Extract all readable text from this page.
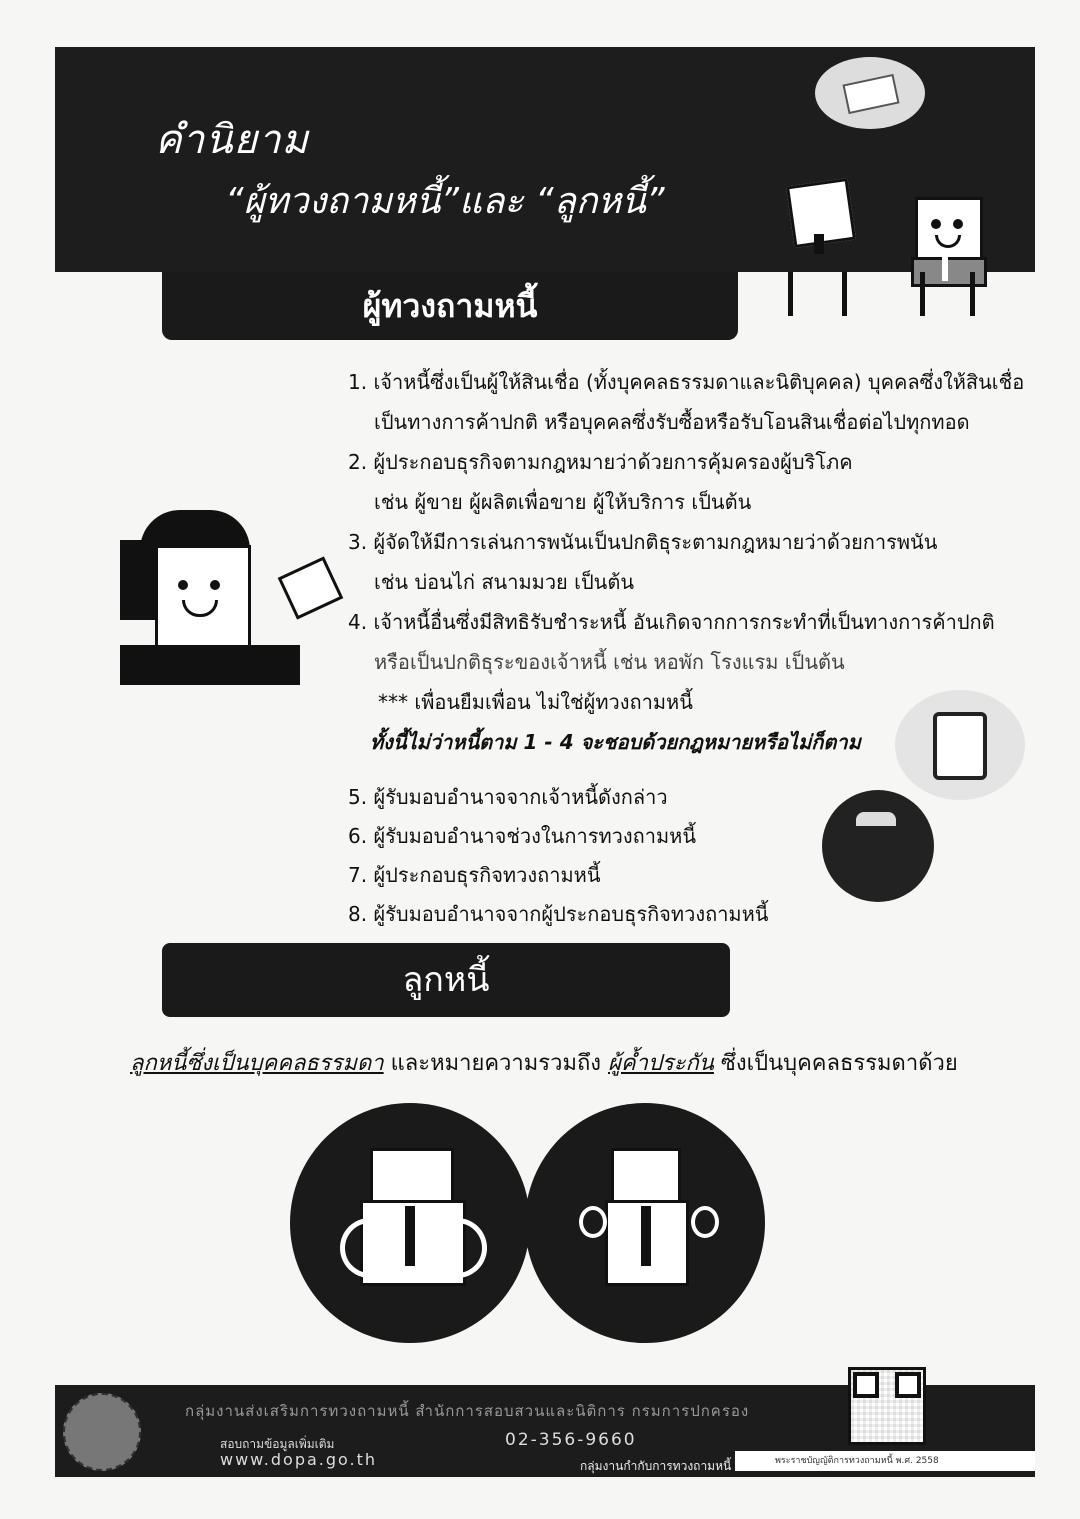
คำนิยาม
“ผู้ทวงถามหนี้”และ “ลูกหนี้”
ผู้ทวงถามหนี้
1. เจ้าหนี้ซึ่งเป็นผู้ให้สินเชื่อ (ทั้งบุคคลธรรมดาและนิติบุคคล) บุคคลซึ่งให้สินเชื่อ
เป็นทางการค้าปกติ หรือบุคคลซึ่งรับซื้อหรือรับโอนสินเชื่อต่อไปทุกทอด
2. ผู้ประกอบธุรกิจตามกฎหมายว่าด้วยการคุ้มครองผู้บริโภค
เช่น ผู้ขาย ผู้ผลิตเพื่อขาย ผู้ให้บริการ เป็นต้น
3. ผู้จัดให้มีการเล่นการพนันเป็นปกติธุระตามกฎหมายว่าด้วยการพนัน
เช่น บ่อนไก่ สนามมวย เป็นต้น
4. เจ้าหนี้อื่นซึ่งมีสิทธิรับชำระหนี้ อันเกิดจากการกระทำที่เป็นทางการค้าปกติ
หรือเป็นปกติธุระของเจ้าหนี้ เช่น หอพัก โรงแรม เป็นต้น
*** เพื่อนยืมเพื่อน ไม่ใช่ผู้ทวงถามหนี้
ทั้งนี้ไม่ว่าหนี้ตาม 1 - 4 จะชอบด้วยกฎหมายหรือไม่ก็ตาม
5. ผู้รับมอบอำนาจจากเจ้าหนี้ดังกล่าว
6. ผู้รับมอบอำนาจช่วงในการทวงถามหนี้
7. ผู้ประกอบธุรกิจทวงถามหนี้
8. ผู้รับมอบอำนาจจากผู้ประกอบธุรกิจทวงถามหนี้
ลูกหนี้
ลูกหนี้ซึ่งเป็นบุคคลธรรมดา และหมายความรวมถึง ผู้ค้ำประกัน ซึ่งเป็นบุคคลธรรมดาด้วย
กลุ่มงานส่งเสริมการทวงถามหนี้ สำนักการสอบสวนและนิติการ กรมการปกครอง
สอบถามข้อมูลเพิ่มเติม	02-356-9660
www.dopa.go.th	กลุ่มงานกำกับการทวงถามหนี้	พระราชบัญญัติการทวงถามหนี้ พ.ศ. 2558
